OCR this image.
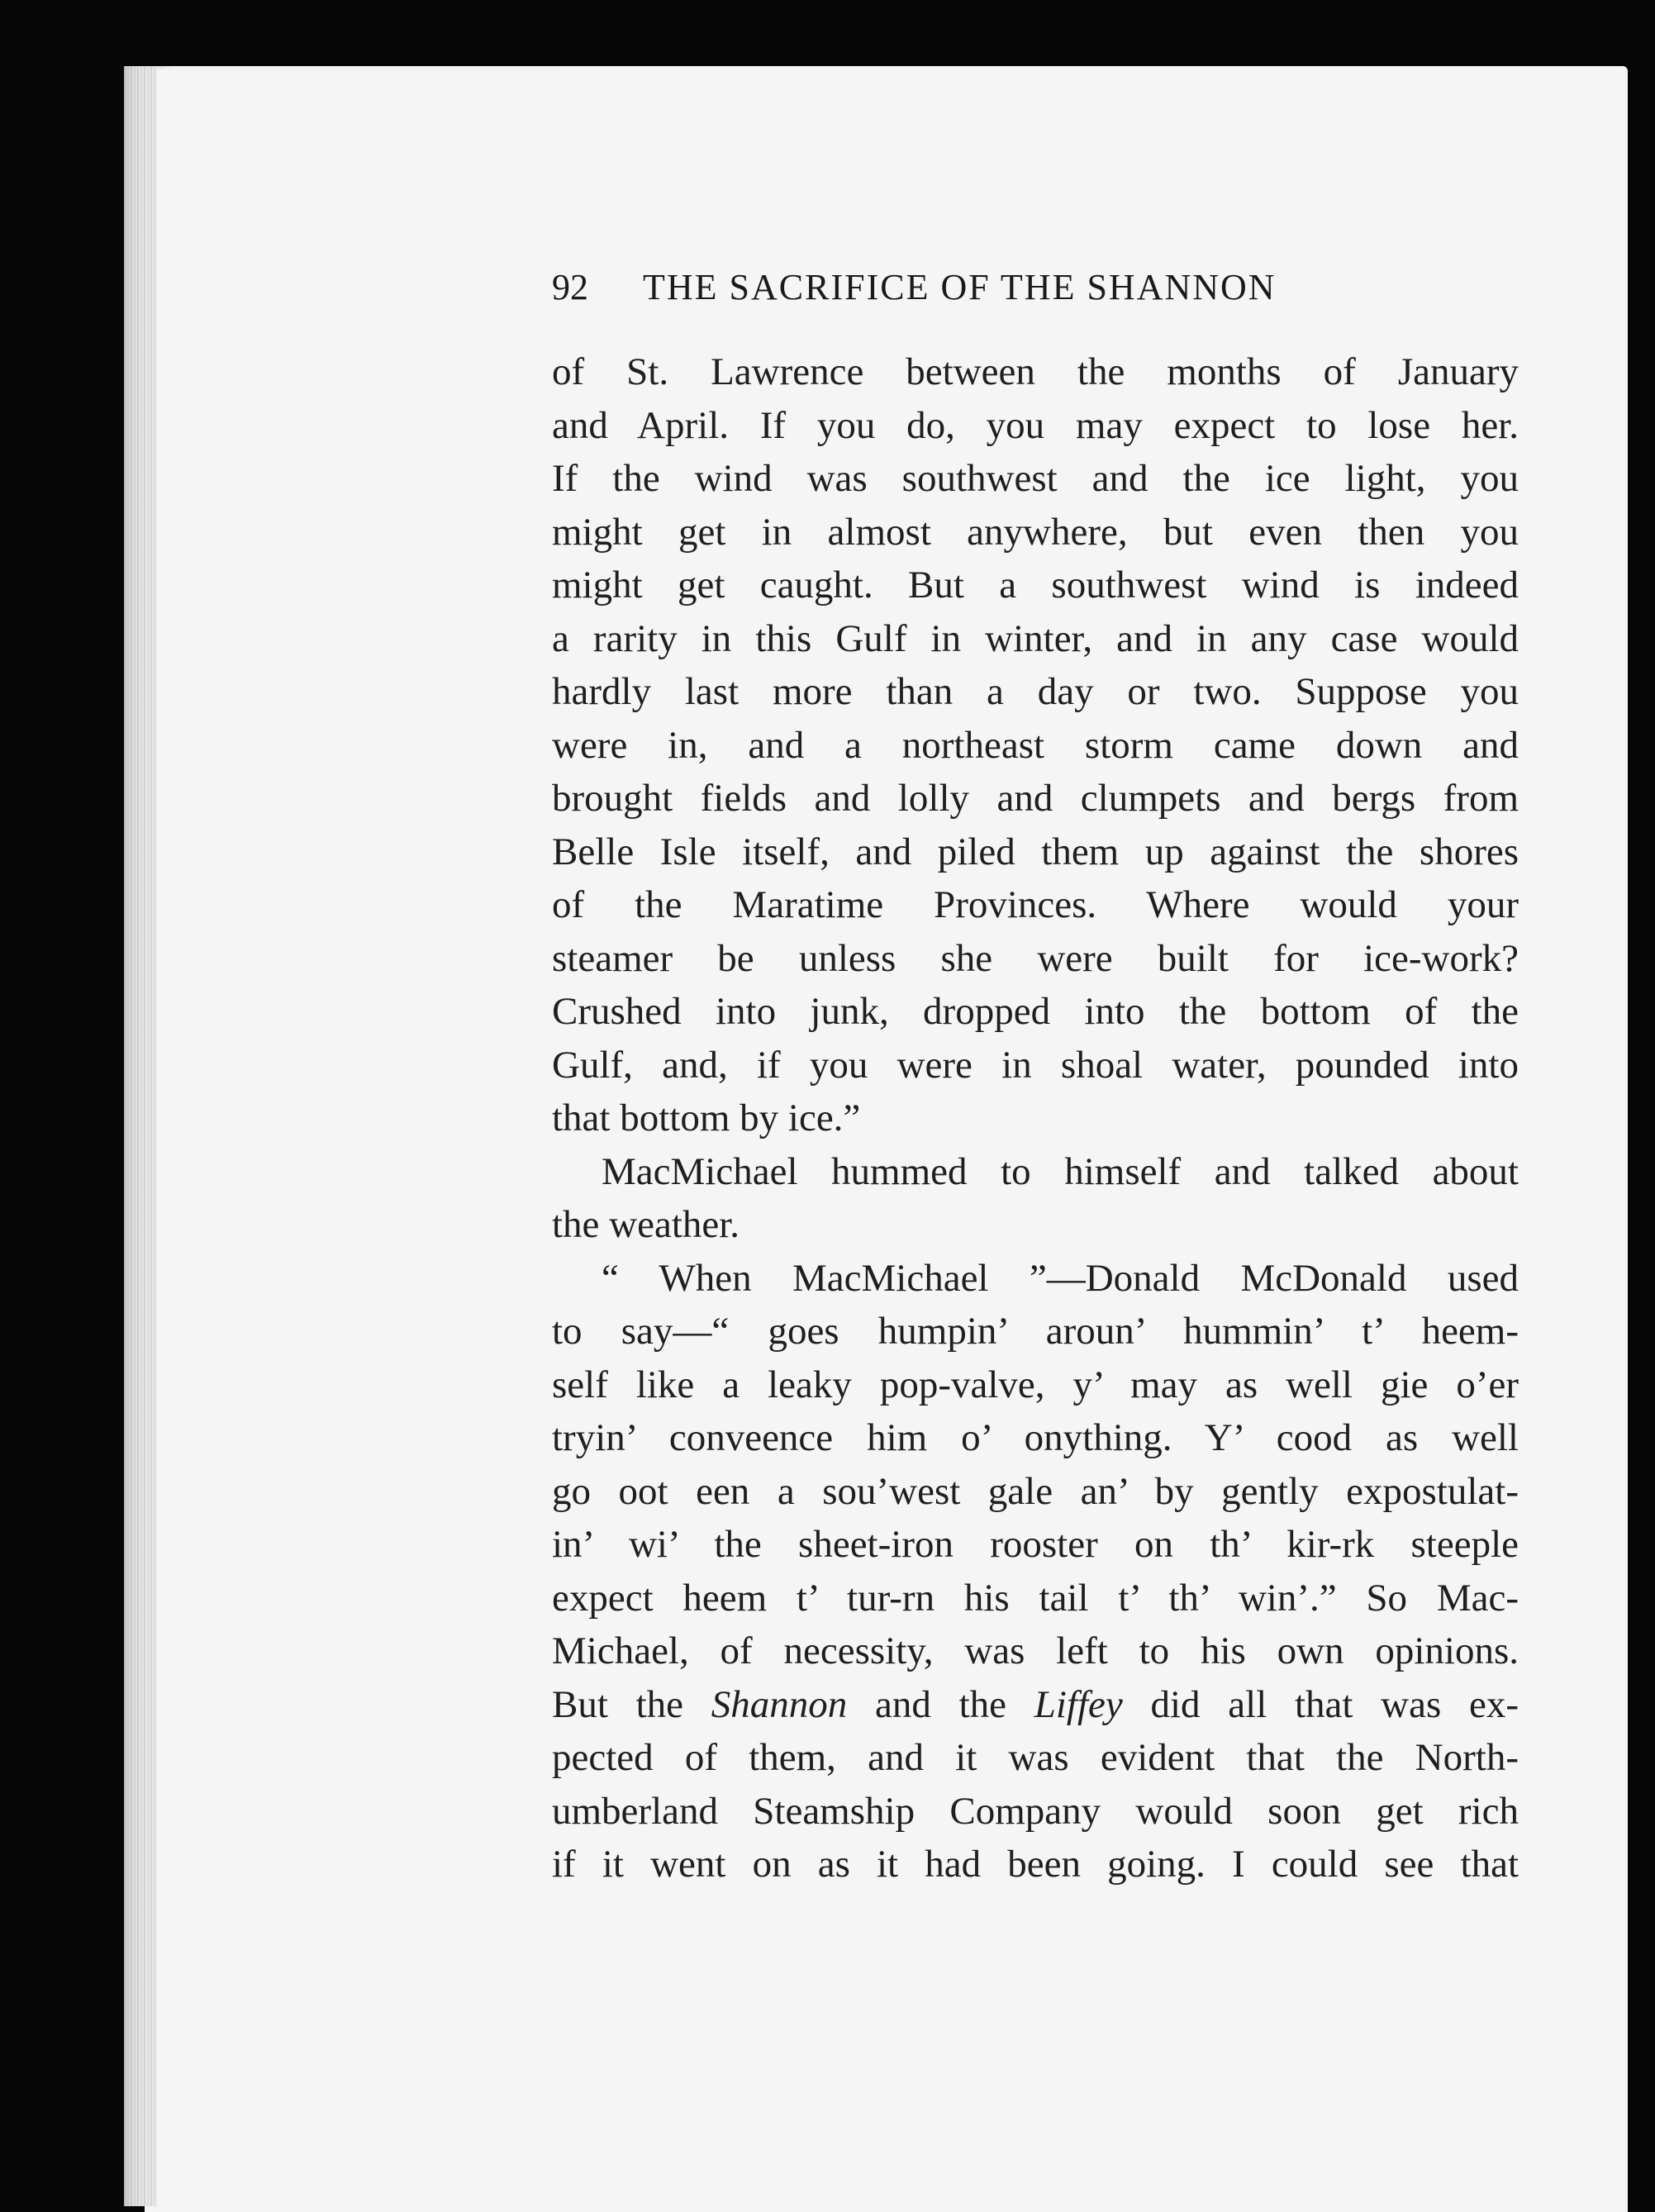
92 THE SACRIFICE OF THE SHANNON
of St. Lawrence between the months of January
and April. If you do, you may expect to lose her.
If the wind was southwest and the ice light, you
might get in almost anywhere, but even then you
might get caught. But a southwest wind is indeed
a rarity in this Gulf in winter, and in any case would
hardly last more than a day or two. Suppose you
were in, and a northeast storm came down and
brought fields and lolly and clumpets and bergs from
Belle Isle itself, and piled them up against the shores
of the Maratime Provinces. Where would your
steamer be unless she were built for ice-work?
Crushed into junk, dropped into the bottom of the
Gulf, and, if you were in shoal water, pounded into
that bottom by ice.”
MacMichael hummed to himself and talked about
the weather.
“ When MacMichael ”—Donald McDonald used
to say—“ goes humpin’ aroun’ hummin’ t’ heem-
self like a leaky pop-valve, y’ may as well gie o’er
tryin’ conveence him o’ onything. Y’ cood as well
go oot een a sou’west gale an’ by gently expostulat-
in’ wi’ the sheet-iron rooster on th’ kir-rk steeple
expect heem t’ tur-rn his tail t’ th’ win’.” So Mac-
Michael, of necessity, was left to his own opinions.
But the Shannon and the Liffey did all that was ex-
pected of them, and it was evident that the North-
umberland Steamship Company would soon get rich
if it went on as it had been going. I could see that
